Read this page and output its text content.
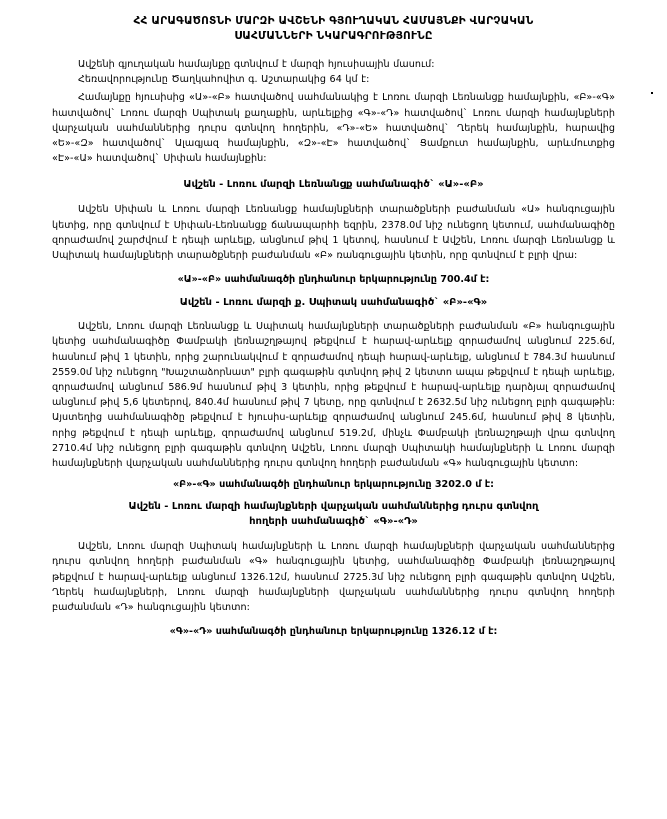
ՀՀ ԱՐԱԳԱԾՈՏՆԻ ՄԱՐԶԻ ԱՎՇԵՆԻ ԳՅՈՒՂԱԿԱՆ ՀԱՄԱՅՆՔԻ ՎԱՐՉԱԿԱՆ
ՍԱՀՄԱՆՆԵՐԻ ՆԿԱՐԱԳՐՈՒԹՅՈՒՆԸ

Ավշենի գյուղական համայնքը գտնվում է մարզի հյուսիսային մասում:

Հեռավորությունը Ծաղկահովիտ գ. Աշտարակից 64 կմ է:

Համայնքը հյուսիսից «Ա»-«Բ» հատվածով սահմանակից է Լոռու մարզի Լեռնանցք համայնքին, «Բ»-«Գ» հատվածով` Լոռու մարզի Սպիտակ քաղաքին, արևելքից «Գ»-«Դ» հատվածով` Լոռու մարզի համայնքների վարչական սահմաններից դուրս գտնվող հողերին, «Դ»-«Ե» հատվածով` Ղերեկ համայնքին, հարավից «Ե»-«Զ» հատվածով` Ալագյազ համայնքին, «Զ»-«Է» հատվածով` Ցամքուտ համայնքին, արևմուտքից «Է»-«Ա» հատվածով` Սիփան համայնքին:

Ավշեն - Լոռու մարզի Լեռնանցք սահմանագիծ` «Ա»-«Բ»

Ավշեն Սիփան և Լոռու մարզի Լեռնանցք համայնքների տարածքների բաժանման «Ա» հանգուցային կետից, որը գտնվում է Սիփան-Լեռնանցք ճանապարհի եզրին, 2378.0մ նիշ ունեցող կետում, սահմանագիծը զորաժամով շարժվում է դեպի արևելք, անցնում թիվ 1 կետով, հասնում է Ավշեն, Լոռու մարզի Լեռնանցք և Սպիտակ համայնքների տարածքների բաժանման «Բ» ռանգուցային կետին, որը գտնվում է բլրի վրա:

«Ա»-«Բ» սահմանագծի ընդհանուր երկարությունը 700.4մ է:

Ավշեն - Լոռու մարզի ք. Սպիտակ սահմանագիծ` «Բ»-«Գ»

Ավշեն, Լոռու մարզի Լեռնանցք և Սպիտակ համայնքների տարածքների բաժանման «Բ» հանգուցային կետից սահմանագիծը Փամբակի լեռնաշղթայով թեքվում է հարավ-արևելք զորաժամով անցնում 225.6մ, հասնում թիվ 1 կետին, որից շարունակվում է զորաժամով դեպի հարավ-արևելք, անցնում է 784.3մ հասնում 2559.0մ նիշ ունեցող "Խաշտաձորնատ" բլրի գագաթին գտնվող թիվ 2 կետտո ապա թեքվում է դեպի արևելք, զորաժամով անցնում 586.9մ հասնում թիվ 3 կետին, որից թեքվում է հարավ-արևելք դարձյալ զորաժամով անցնում թիվ 5,6 կետերով, 840.4մ հասնում թիվ 7 կետը, որը գտնվում է 2632.5մ նիշ ունեցող բլրի գագաթին: Այստեղից սահմանագիծը թեքվում է հյուսիս-արևելք զորաժամով անցնում 245.6մ, հասնում թիվ 8 կետին, որից թեքվում է դեպի արևելք, զորաժամով անցնում 519.2մ, մինչև Փամբակի լեռնաշղթայի վրա գտնվող 2710.4մ նիշ ունեցող բլրի գագաթին գտնվող Ավշեն, Լոռու մարզի Սպիտակի համայնքների և Լոռու մարզի համայնքների վարչական սահմաններից դուրս գտնվող հողերի բաժանման «Գ» հանգուցային կետտո:

«Բ»-«Գ» սահմանագծի ընդհանուր երկարությունը 3202.0 մ է:

Ավշեն - Լոռու մարզի համայնքների վարչական սահմաններից դուրս գտնվող
հողերի սահմանագիծ` «Գ»-«Դ»

Ավշեն, Լոռու մարզի Սպիտակ համայնքների և Լոռու մարզի համայնքների վարչական սահմաններից դուրս գտնվող հողերի բաժանման «Գ» հանգուցային կետից, սահմանագիծը Փամբակի լեռնաշղթայով թեքվում է հարավ-արևելք անցնում 1326.12մ, հասնում 2725.3մ նիշ ունեցող բլրի գագաթին գտնվող Ավշեն, Ղերեկ համայնքների, Լոռու մարզի համայնքների վարչական սահմաններից դուրս գտնվող հողերի բաժանման «Դ» հանգուցային կետտո:

«Գ»-«Դ» սահմանագծի ընդհանուր երկարությունը 1326.12 մ է:
